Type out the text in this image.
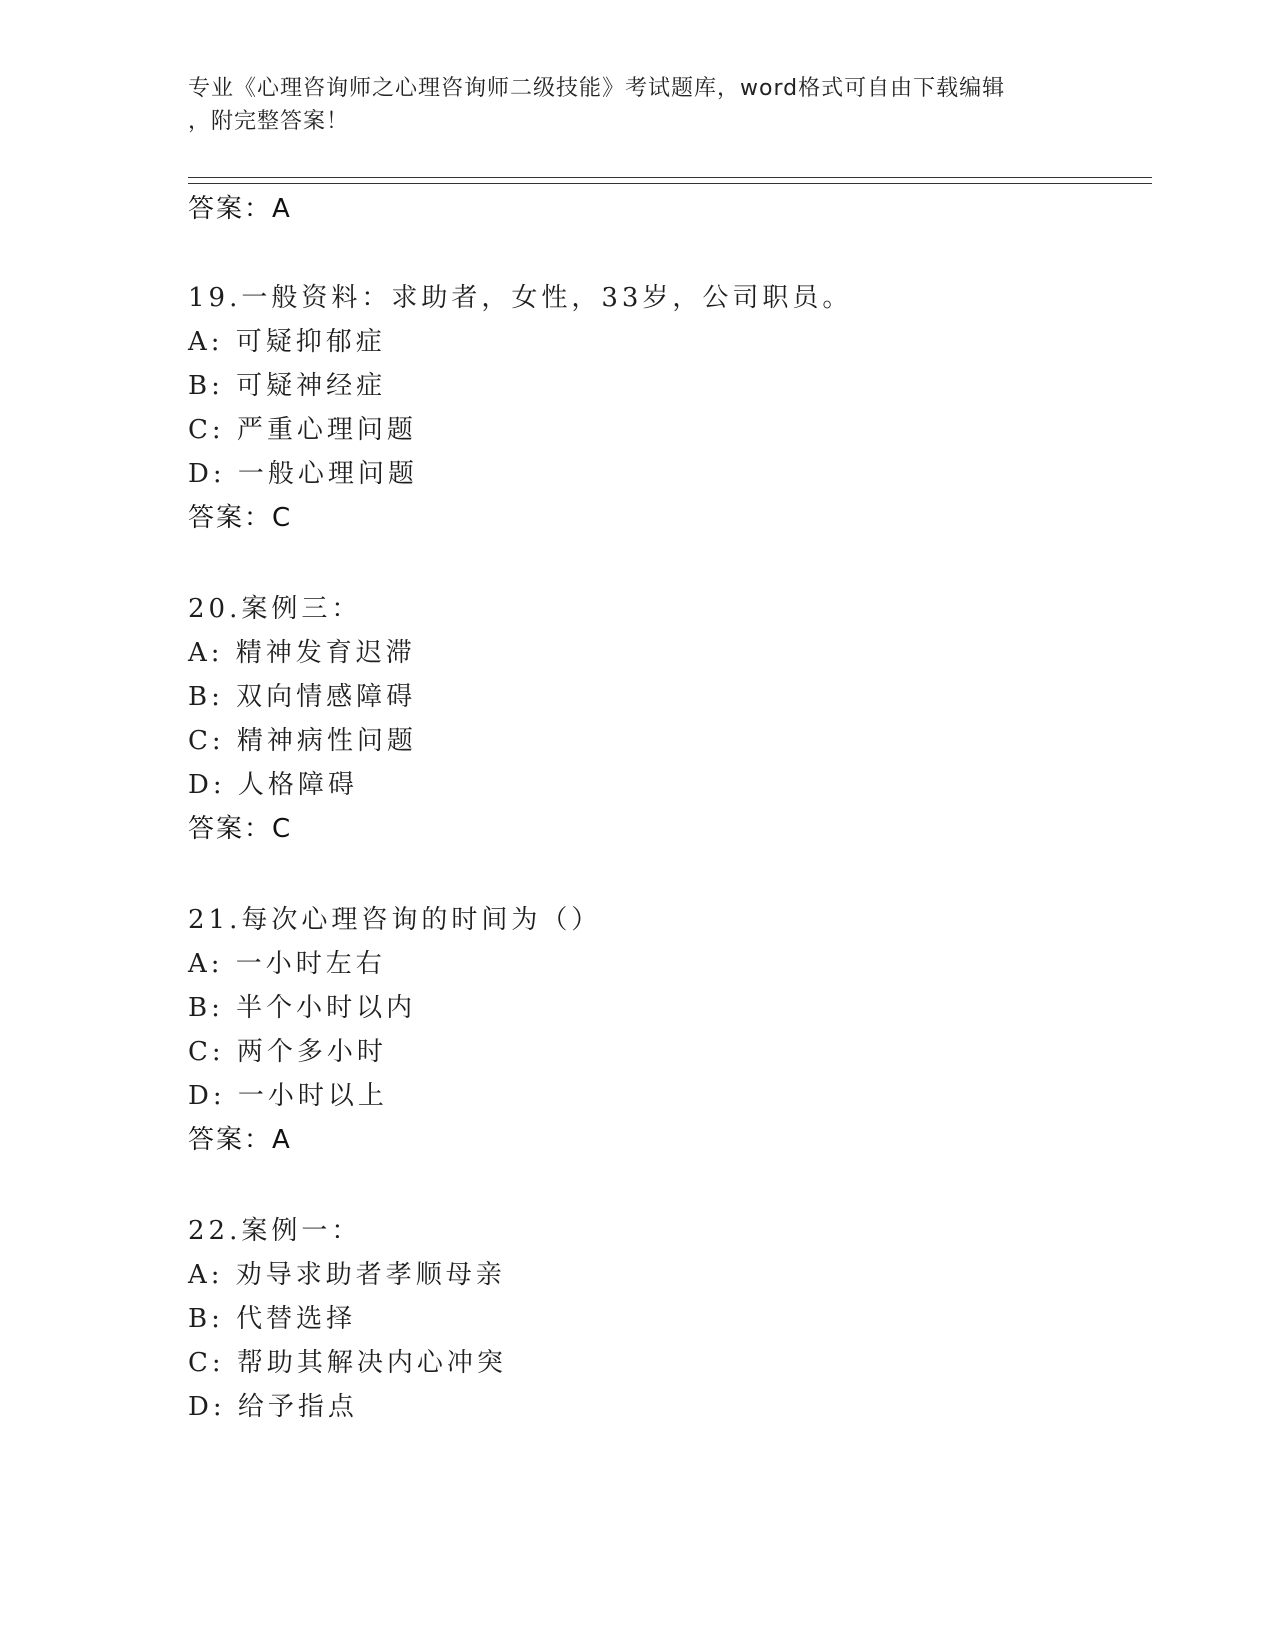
专业《心理咨询师之心理咨询师二级技能》考试题库，word格式可自由下载编辑
，附完整答案！
答案：A
19.一般资料：求助者，女性，33岁，公司职员。
A: 可疑抑郁症
B: 可疑神经症
C: 严重心理问题
D: 一般心理问题
答案：C
20.案例三：
A: 精神发育迟滞
B: 双向情感障碍
C: 精神病性问题
D: 人格障碍
答案：C
21.每次心理咨询的时间为（）
A: 一小时左右
B: 半个小时以内
C: 两个多小时
D: 一小时以上
答案：A
22.案例一：
A: 劝导求助者孝顺母亲
B: 代替选择
C: 帮助其解决内心冲突
D: 给予指点
